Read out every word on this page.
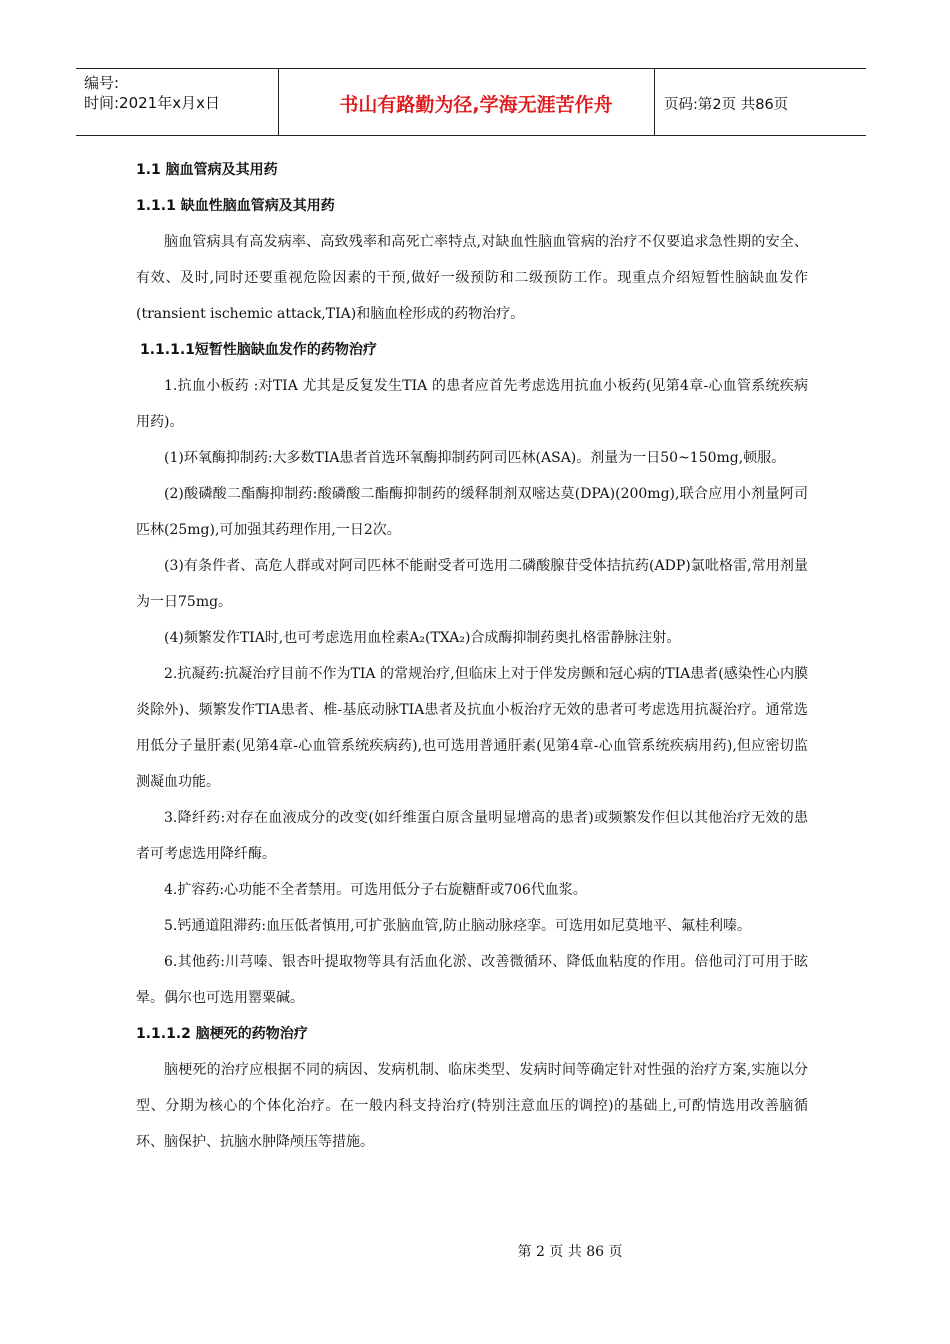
编号:
时间:2021年x月x日	书山有路勤为径,学海无涯苦作舟	页码:第2页 共86页
1.1 脑血管病及其用药
1.1.1 缺血性脑血管病及其用药
脑血管病具有高发病率、高致残率和高死亡率特点,对缺血性脑血管病的治疗不仅要追求急性期的安全、有效、及时,同时还要重视危险因素的干预,做好一级预防和二级预防工作。现重点介绍短暂性脑缺血发作(transient ischemic attack,TIA)和脑血栓形成的药物治疗。
1.1.1.1短暂性脑缺血发作的药物治疗
1.抗血小板药 :对TIA 尤其是反复发生TIA 的患者应首先考虑选用抗血小板药(见第4章-心血管系统疾病用药)。
(1)环氧酶抑制药:大多数TIA患者首选环氧酶抑制药阿司匹林(ASA)。剂量为一日50~150mg,顿服。
(2)酸磷酸二酯酶抑制药:酸磷酸二酯酶抑制药的缓释制剂双嘧达莫(DPA)(200mg),联合应用小剂量阿司匹林(25mg),可加强其药理作用,一日2次。
(3)有条件者、高危人群或对阿司匹林不能耐受者可选用二磷酸腺苷受体拮抗药(ADP)氯吡格雷,常用剂量为一日75mg。
(4)频繁发作TIA时,也可考虑选用血栓素A₂(TXA₂)合成酶抑制药奥扎格雷静脉注射。
2.抗凝药:抗凝治疗目前不作为TIA 的常规治疗,但临床上对于伴发房颤和冠心病的TIA患者(感染性心内膜炎除外)、频繁发作TIA患者、椎-基底动脉TIA患者及抗血小板治疗无效的患者可考虑选用抗凝治疗。通常选用低分子量肝素(见第4章-心血管系统疾病药),也可选用普通肝素(见第4章-心血管系统疾病用药),但应密切监测凝血功能。
3.降纤药:对存在血液成分的改变(如纤维蛋白原含量明显增高的患者)或频繁发作但以其他治疗无效的患者可考虑选用降纤酶。
4.扩容药:心功能不全者禁用。可选用低分子右旋糖酐或706代血浆。
5.钙通道阻滞药:血压低者慎用,可扩张脑血管,防止脑动脉痉挛。可选用如尼莫地平、氟桂利嗪。
6.其他药:川芎嗪、银杏叶提取物等具有活血化淤、改善微循环、降低血粘度的作用。倍他司汀可用于眩晕。偶尔也可选用罂粟碱。
1.1.1.2 脑梗死的药物治疗
脑梗死的治疗应根据不同的病因、发病机制、临床类型、发病时间等确定针对性强的治疗方案,实施以分型、分期为核心的个体化治疗。在一般内科支持治疗(特别注意血压的调控)的基础上,可酌情选用改善脑循环、脑保护、抗脑水肿降颅压等措施。
第 2 页 共 86 页
